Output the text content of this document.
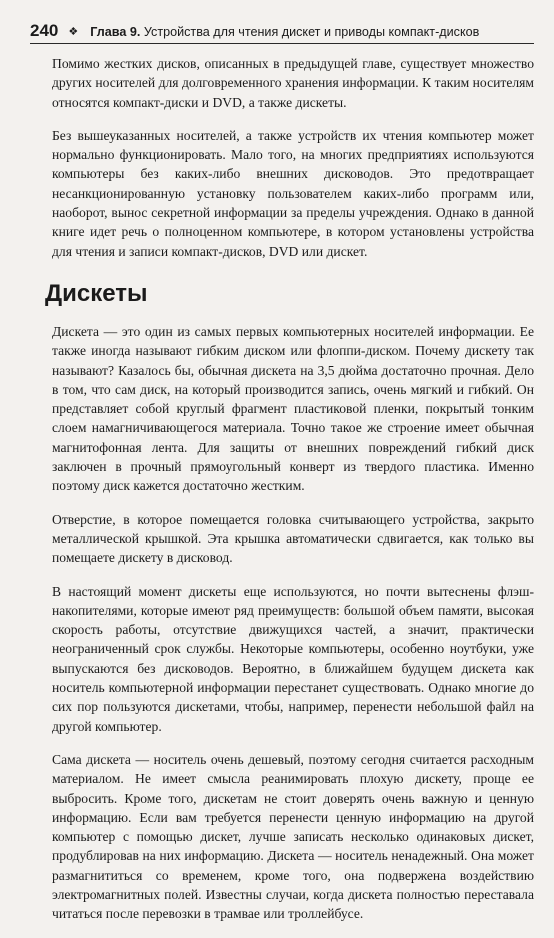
240 ❖ Глава 9. Устройства для чтения дискет и приводы компакт-дисков

Помимо жестких дисков, описанных в предыдущей главе, существует множество других носителей для долговременного хранения информации. К таким носителям относятся компакт-диски и DVD, а также дискеты.

Без вышеуказанных носителей, а также устройств их чтения компьютер может нормально функционировать. Мало того, на многих предприятиях используются компьютеры без каких-либо внешних дисководов. Это предотвращает несанкционированную установку пользователем каких-либо программ или, наоборот, вынос секретной информации за пределы учреждения. Однако в данной книге идет речь о полноценном компьютере, в котором установлены устройства для чтения и записи компакт-дисков, DVD или дискет.

Дискеты

Дискета — это один из самых первых компьютерных носителей информации. Ее также иногда называют гибким диском или флоппи-диском. Почему дискету так называют? Казалось бы, обычная дискета на 3,5 дюйма достаточно прочная. Дело в том, что сам диск, на который производится запись, очень мягкий и гибкий. Он представляет собой круглый фрагмент пластиковой пленки, покрытый тонким слоем намагничивающегося материала. Точно такое же строение имеет обычная магнитофонная лента. Для защиты от внешних повреждений гибкий диск заключен в прочный прямоугольный конверт из твердого пластика. Именно поэтому диск кажется достаточно жестким.

Отверстие, в которое помещается головка считывающего устройства, закрыто металлической крышкой. Эта крышка автоматически сдвигается, как только вы помещаете дискету в дисковод.

В настоящий момент дискеты еще используются, но почти вытеснены флэш-накопителями, которые имеют ряд преимуществ: большой объем памяти, высокая скорость работы, отсутствие движущихся частей, а значит, практически неограниченный срок службы. Некоторые компьютеры, особенно ноутбуки, уже выпускаются без дисководов. Вероятно, в ближайшем будущем дискета как носитель компьютерной информации перестанет существовать. Однако многие до сих пор пользуются дискетами, чтобы, например, перенести небольшой файл на другой компьютер.

Сама дискета — носитель очень дешевый, поэтому сегодня считается расходным материалом. Не имеет смысла реанимировать плохую дискету, проще ее выбросить. Кроме того, дискетам не стоит доверять очень важную и ценную информацию. Если вам требуется перенести ценную информацию на другой компьютер с помощью дискет, лучше записать несколько одинаковых дискет, продублировав на них информацию. Дискета — носитель ненадежный. Она может размагнититься со временем, кроме того, она подвержена воздействию электромагнитных полей. Известны случаи, когда дискета полностью переставала читаться после перевозки в трамвае или троллейбусе.
